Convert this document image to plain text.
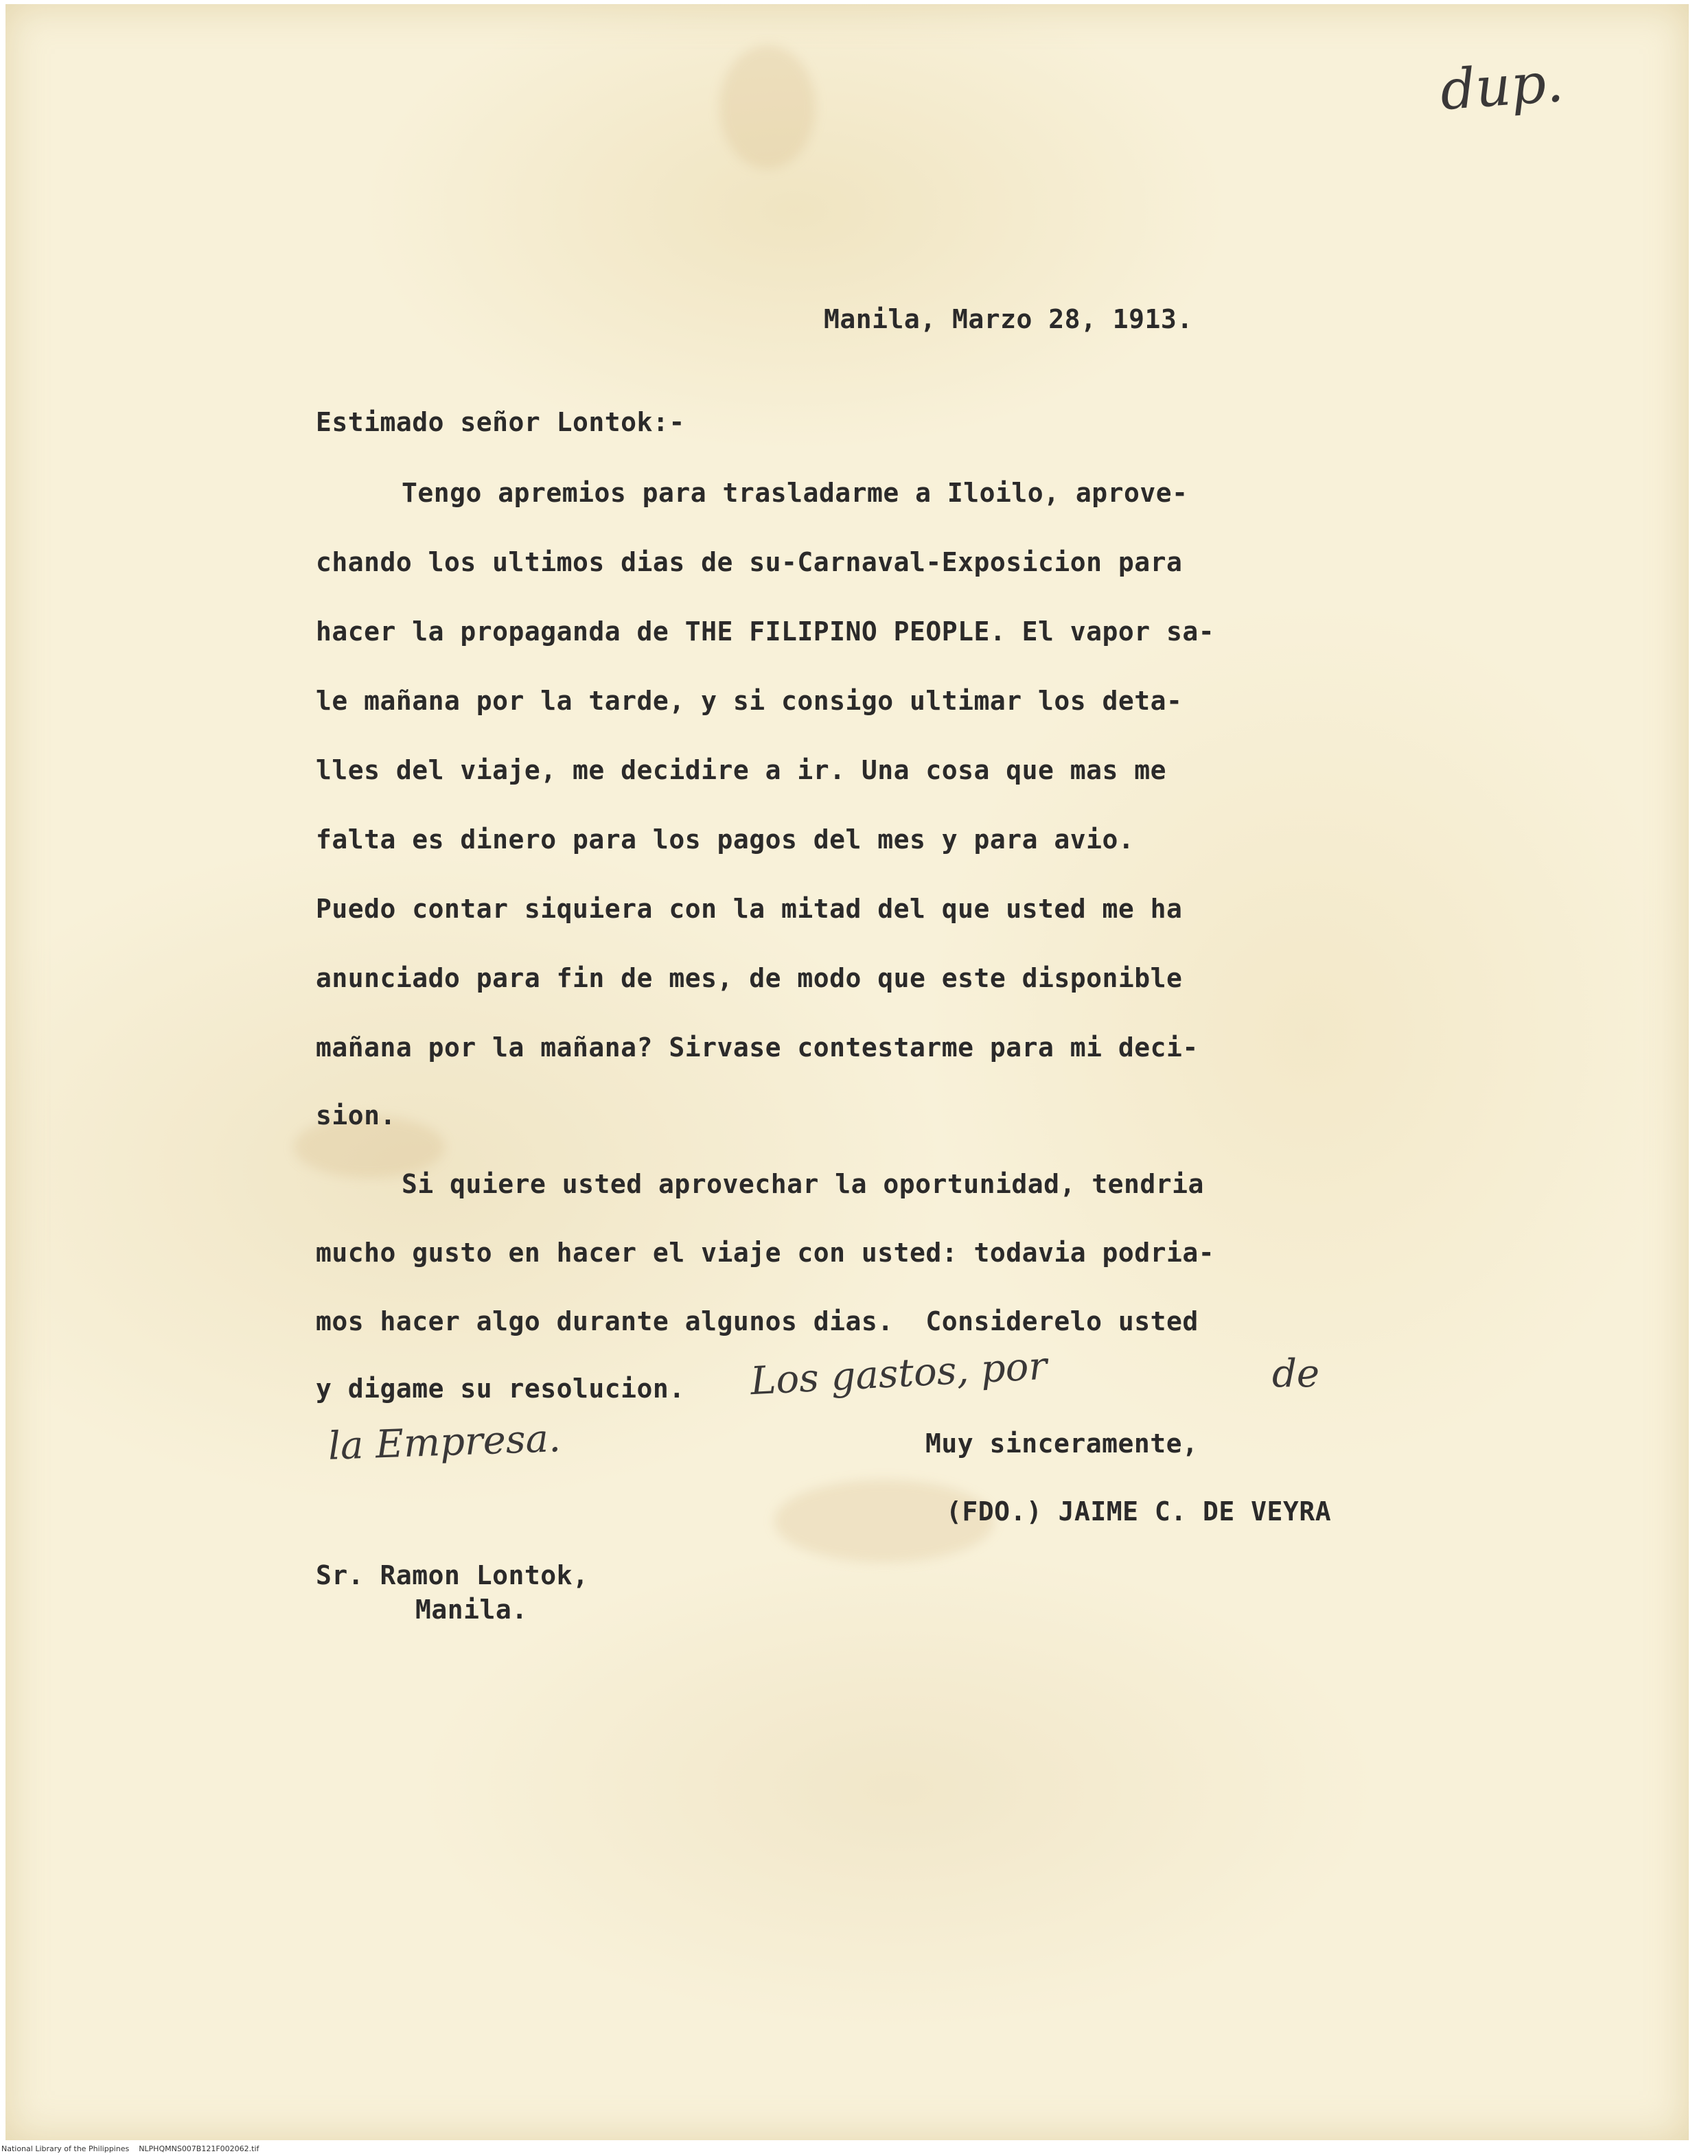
dup.
Manila, Marzo 28, 1913.
Estimado señor Lontok:-
Tengo apremios para trasladarme a Iloilo, aprove-
chando los ultimos dias de su-Carnaval-Exposicion para
hacer la propaganda de THE FILIPINO PEOPLE. El vapor sa-
le mañana por la tarde, y si consigo ultimar los deta-
lles del viaje, me decidire a ir. Una cosa que mas me
falta es dinero para los pagos del mes y para avio.
Puedo contar siquiera con la mitad del que usted me ha
anunciado para fin de mes, de modo que este disponible
mañana por la mañana? Sirvase contestarme para mi deci-
sion.
Si quiere usted aprovechar la oportunidad, tendria
mucho gusto en hacer el viaje con usted: todavia podria-
mos hacer algo durante algunos dias.  Considerelo usted
y digame su resolucion. Los gastos, por	de
la Empresa.	Muy sinceramente,
(FDO.) JAIME C. DE VEYRA
Sr. Ramon Lontok,
Manila.
National Library of the Philippines    NLPHQMNS007B121F002062.tif
